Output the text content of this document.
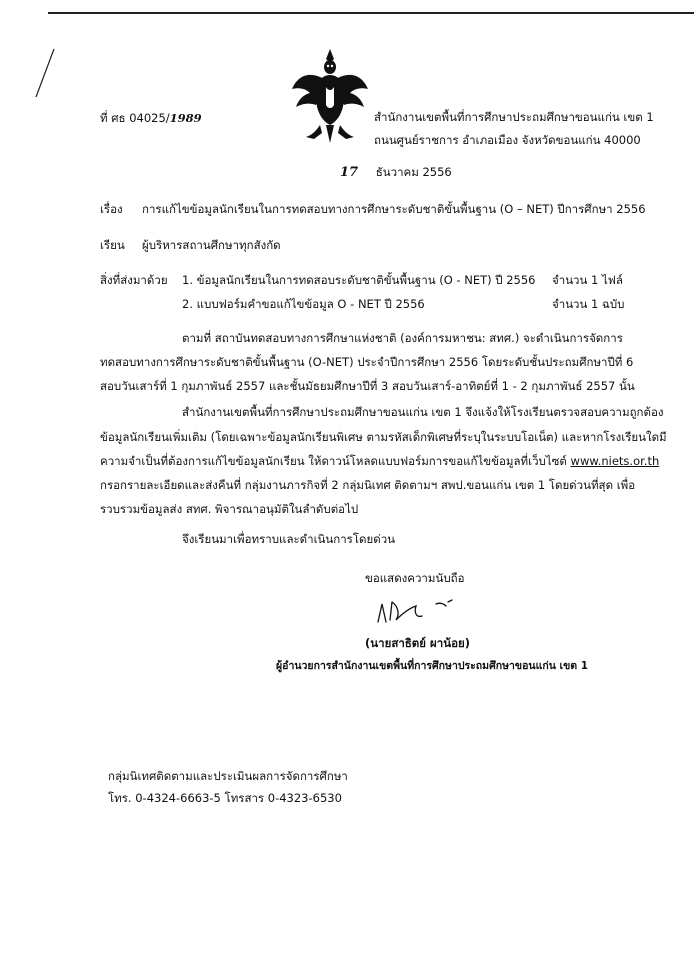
ที่ ศธ 04025/1989	สำนักงานเขตพื้นที่การศึกษาประถมศึกษาขอนแก่น เขต 1
ถนนศูนย์ราชการ อำเภอเมือง จังหวัดขอนแก่น 40000
17 ธันวาคม 2556
เรื่อง การแก้ไขข้อมูลนักเรียนในการทดสอบทางการศึกษาระดับชาติขั้นพื้นฐาน (O – NET) ปีการศึกษา 2556
เรียน ผู้บริหารสถานศึกษาทุกสังกัด
สิ่งที่ส่งมาด้วย 1. ข้อมูลนักเรียนในการทดสอบระดับชาติขั้นพื้นฐาน (O - NET) ปี 2556 จำนวน 1 ไฟล์
2. แบบฟอร์มคำขอแก้ไขข้อมูล O - NET ปี 2556	จำนวน 1 ฉบับ
ตามที่ สถาบันทดสอบทางการศึกษาแห่งชาติ (องค์การมหาชน: สทศ.) จะดำเนินการจัดการ
ทดสอบทางการศึกษาระดับชาติขั้นพื้นฐาน (O-NET) ประจำปีการศึกษา 2556 โดยระดับชั้นประถมศึกษาปีที่ 6
สอบวันเสาร์ที่ 1 กุมภาพันธ์ 2557 และชั้นมัธยมศึกษาปีที่ 3 สอบวันเสาร์-อาทิตย์ที่ 1 - 2 กุมภาพันธ์ 2557 นั้น
สำนักงานเขตพื้นที่การศึกษาประถมศึกษาขอนแก่น เขต 1 จึงแจ้งให้โรงเรียนตรวจสอบความถูกต้อง
ข้อมูลนักเรียนเพิ่มเติม (โดยเฉพาะข้อมูลนักเรียนพิเศษ ตามรหัสเด็กพิเศษที่ระบุในระบบโอเน็ต) และหากโรงเรียนใดมี
ความจำเป็นที่ต้องการแก้ไขข้อมูลนักเรียน ให้ดาวน์โหลดแบบฟอร์มการขอแก้ไขข้อมูลที่เว็บไซต์ www.niets.or.th
กรอกรายละเอียดและส่งคืนที่ กลุ่มงานภารกิจที่ 2 กลุ่มนิเทศ ติดตามฯ สพป.ขอนแก่น เขต 1 โดยด่วนที่สุด เพื่อ
รวบรวมข้อมูลส่ง สทศ. พิจารณาอนุมัติในลำดับต่อไป
จึงเรียนมาเพื่อทราบและดำเนินการโดยด่วน
ขอแสดงความนับถือ
(นายสาธิตย์ ผาน้อย)
ผู้อำนวยการสำนักงานเขตพื้นที่การศึกษาประถมศึกษาขอนแก่น เขต 1
กลุ่มนิเทศติดตามและประเมินผลการจัดการศึกษา
โทร. 0-4324-6663-5 โทรสาร 0-4323-6530
